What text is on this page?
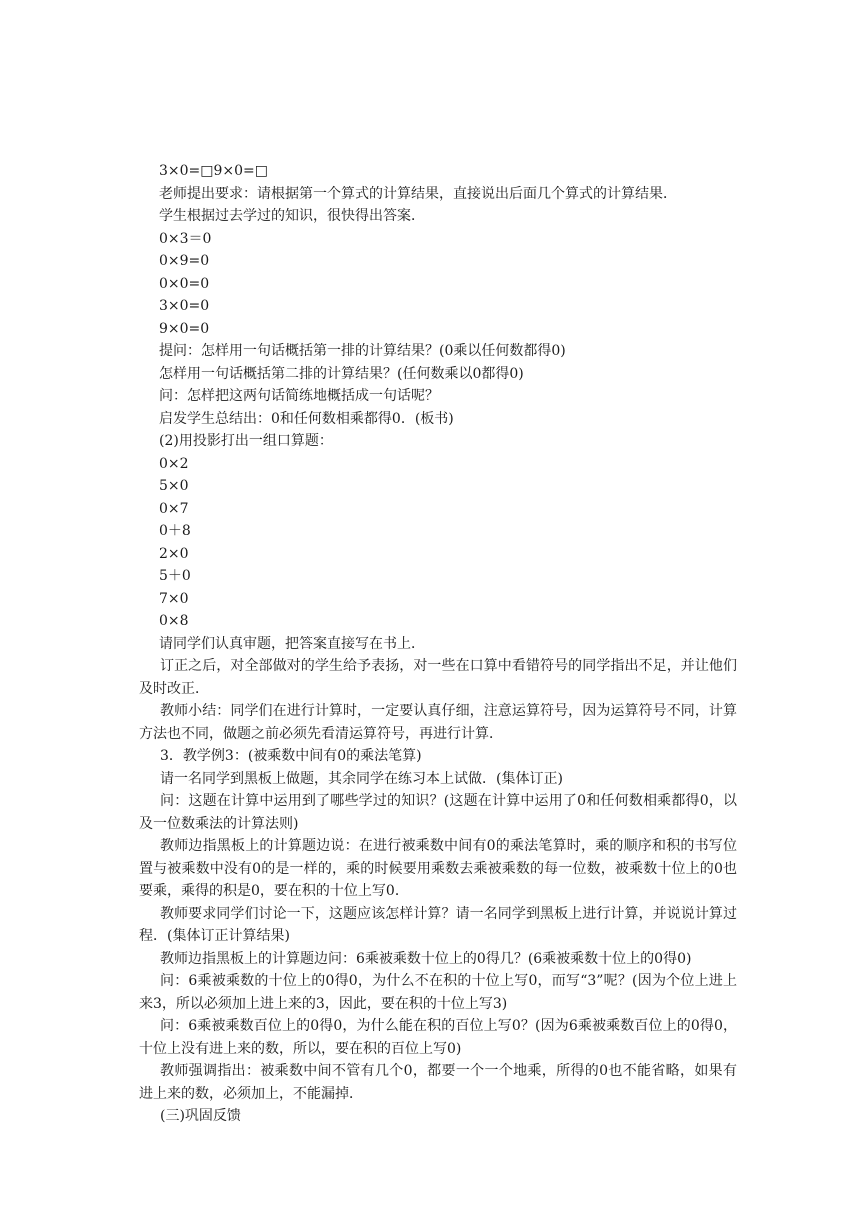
3×0=□9×0=□
老师提出要求：请根据第一个算式的计算结果，直接说出后面几个算式的计算结果．
学生根据过去学过的知识，很快得出答案．
0×3＝0
0×9=0
0×0=0
3×0=0
9×0=0
提问：怎样用一句话概括第一排的计算结果？(0乘以任何数都得0)
怎样用一句话概括第二排的计算结果？(任何数乘以0都得0)
问：怎样把这两句话简练地概括成一句话呢？
启发学生总结出：0和任何数相乘都得0．(板书)
(2)用投影打出一组口算题：
0×2
5×0
0×7
0＋8
2×0
5＋0
7×0
0×8
请同学们认真审题，把答案直接写在书上．

订正之后，对全部做对的学生给予表扬，对一些在口算中看错符号的同学指出不足，并让他们及时改正．

教师小结：同学们在进行计算时，一定要认真仔细，注意运算符号，因为运算符号不同，计算方法也不同，做题之前必须先看清运算符号，再进行计算．

3．教学例3：(被乘数中间有0的乘法笔算)

请一名同学到黑板上做题，其余同学在练习本上试做．(集体订正)

问：这题在计算中运用到了哪些学过的知识？(这题在计算中运用了0和任何数相乘都得0，以及一位数乘法的计算法则)

教师边指黑板上的计算题边说：在进行被乘数中间有0的乘法笔算时，乘的顺序和积的书写位置与被乘数中没有0的是一样的，乘的时候要用乘数去乘被乘数的每一位数，被乘数十位上的0也要乘，乘得的积是0，要在积的十位上写0．

教师要求同学们讨论一下，这题应该怎样计算？请一名同学到黑板上进行计算，并说说计算过程．(集体订正计算结果)

教师边指黑板上的计算题边问：6乘被乘数十位上的0得几？(6乘被乘数十位上的0得0)

问：6乘被乘数的十位上的0得0，为什么不在积的十位上写0，而写“3”呢？(因为个位上进上来3，所以必须加上进上来的3，因此，要在积的十位上写3)

问：6乘被乘数百位上的0得0，为什么能在积的百位上写0？(因为6乘被乘数百位上的0得0，十位上没有进上来的数，所以，要在积的百位上写0)

教师强调指出：被乘数中间不管有几个0，都要一个一个地乘，所得的0也不能省略，如果有进上来的数，必须加上，不能漏掉．

(三)巩固反馈
